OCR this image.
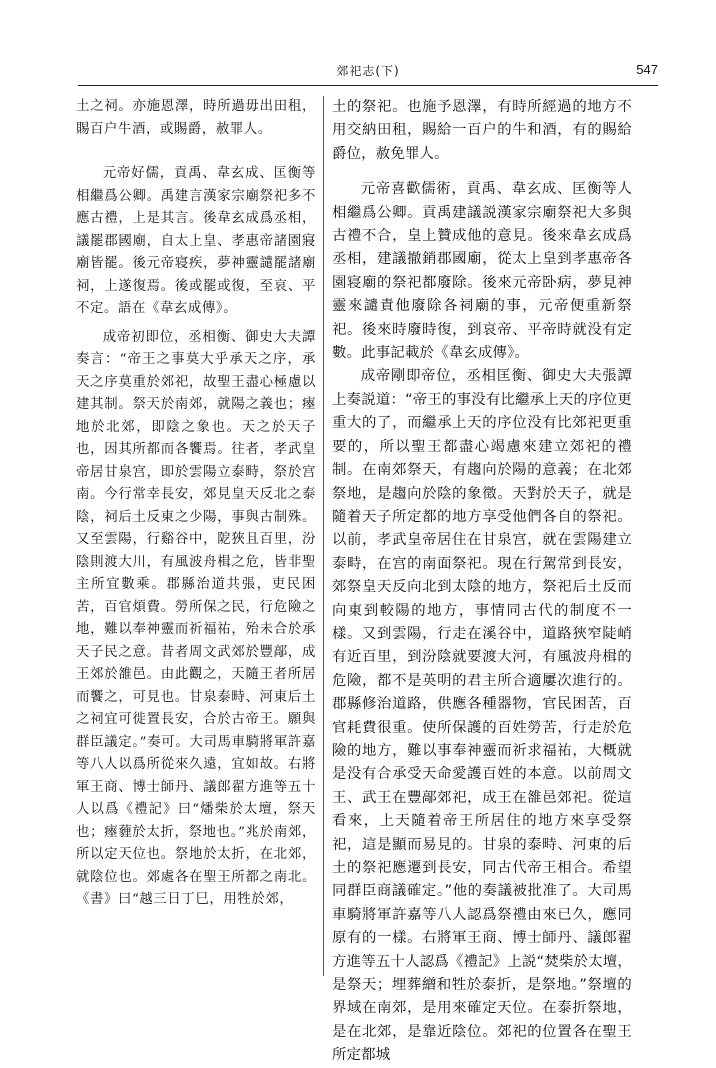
郊祀志(下)	547

土之祠。亦施恩澤，時所過毋出田租，賜百户牛酒，或賜爵，赦罪人。

元帝好儒，貢禹、韋玄成、匡衡等相繼爲公卿。禹建言漢家宗廟祭祀多不應古禮，上是其言。後韋玄成爲丞相，議罷郡國廟，自太上皇、孝惠帝諸園寢廟皆罷。後元帝寝疾，夢神靈譴罷諸廟祠，上遂復焉。後或罷或復，至哀、平不定。語在《韋玄成傳》。

成帝初即位，丞相衡、御史大夫譚奏言：“帝王之事莫大乎承天之序，承天之序莫重於郊祀，故聖王盡心極慮以建其制。祭天於南郊，就陽之義也；瘞地於北郊，即陰之象也。天之於天子也，因其所都而各饗焉。往者，孝武皇帝居甘泉宫，即於雲陽立泰畤，祭於宫南。今行常幸長安，郊見皇天反北之泰陰，祠后土反東之少陽，事與古制殊。又至雲陽，行谿谷中，阸狹且百里，汾陰則渡大川，有風波舟楫之危，皆非聖主所宜數乘。郡縣治道共張，吏民困苦，百官煩費。勞所保之民，行危險之地，難以奉神靈而祈福祐，殆未合於承天子民之意。昔者周文武郊於豐鄗，成王郊於雒邑。由此觀之，天隨王者所居而饗之，可見也。甘泉泰畤、河東后土之祠宜可徙置長安，合於古帝王。願與群臣議定。”奏可。大司馬車騎將軍許嘉等八人以爲所從來久遠，宜如故。右將軍王商、博士師丹、議郎翟方進等五十人以爲《禮記》曰“燔柴於太壇，祭天也；瘞薶於太折，祭地也。”兆於南郊，所以定天位也。祭地於太折，在北郊，就陰位也。郊處各在聖王所都之南北。《書》曰“越三日丁巳，用牲於郊，

土的祭祀。也施予恩澤，有時所經過的地方不用交納田租，賜給一百户的牛和酒，有的賜給爵位，赦免罪人。

元帝喜歡儒術，貢禹、韋玄成、匡衡等人相繼爲公卿。貢禹建議説漢家宗廟祭祀大多與古禮不合，皇上贊成他的意見。後來韋玄成爲丞相，建議撤銷郡國廟，從太上皇到孝惠帝各園寝廟的祭祀都廢除。後來元帝卧病，夢見神靈來譴責他廢除各祠廟的事，元帝便重新祭祀。後來時廢時復，到哀帝、平帝時就没有定數。此事記載於《韋玄成傳》。

成帝剛即帝位，丞相匡衡、御史大夫張譚上奏説道：“帝王的事没有比繼承上天的序位更重大的了，而繼承上天的序位没有比郊祀更重要的，所以聖王都盡心竭慮來建立郊祀的禮制。在南郊祭天，有趨向於陽的意義；在北郊祭地，是趨向於陰的象徵。天對於天子，就是隨着天子所定都的地方享受他們各自的祭祀。以前，孝武皇帝居住在甘泉宫，就在雲陽建立泰畤，在宫的南面祭祀。現在行駕常到長安，郊祭皇天反向北到太陰的地方，祭祀后土反而向東到較陽的地方，事情同古代的制度不一樣。又到雲陽，行走在溪谷中，道路狹窄陡峭有近百里，到汾陰就要渡大河，有風波舟楫的危險，都不是英明的君主所合適屢次進行的。郡縣修治道路，供應各種器物，官民困苦，百官耗費很重。使所保護的百姓勞苦，行走於危險的地方，難以事奉神靈而祈求福祐，大概就是没有合承受天命愛護百姓的本意。以前周文王、武王在豐鄗郊祀，成王在雒邑郊祀。從這看來，上天隨着帝王所居住的地方來享受祭祀，這是顯而易見的。甘泉的泰畤、河東的后土的祭祀應遷到長安，同古代帝王相合。希望同群臣商議確定。”他的奏議被批准了。大司馬車騎將軍許嘉等八人認爲祭禮由來已久，應同原有的一樣。右將軍王商、博士師丹、議郎翟方進等五十人認爲《禮記》上説“焚柴於太壇，是祭天；埋葬繒和牲於泰折，是祭地。”祭壇的界域在南郊，是用來確定天位。在泰折祭地，是在北郊，是靠近陰位。郊祀的位置各在聖王所定都城
